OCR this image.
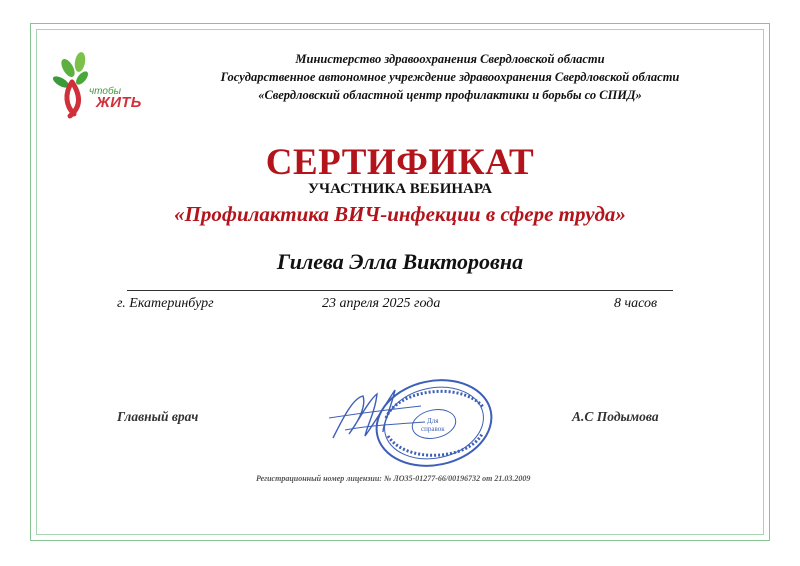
чтобы
ЖИТЬ
Министерство здравоохранения Свердловской области
Государственное автономное учреждение здравоохранения Свердловской области
«Свердловский областной центр профилактики и борьбы со СПИД»
СЕРТИФИКАТ
УЧАСТНИКА ВЕБИНАРА
«Профилактика ВИЧ-инфекции в сфере труда»
Гилева Элла Викторовна
г. Екатеринбург	23 апреля 2025 года	8 часов
Главный врач	А.С Подымова
Для
справок
Регистрационный номер лицензии: № ЛО35-01277-66/00196732 от 21.03.2009
